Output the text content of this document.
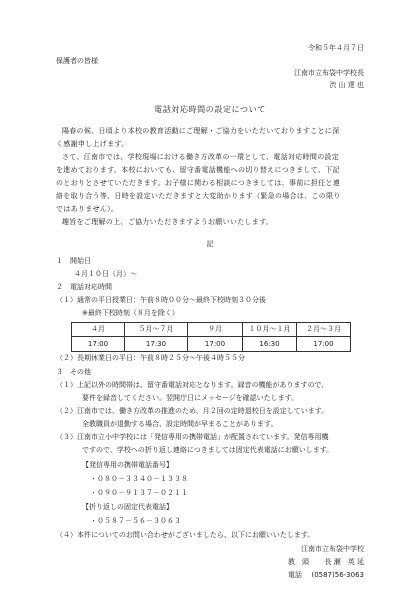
令和５年４月７日
保護者の皆様
江南市立布袋中学校長
渋 山 達 也
電話対応時間の設定について
陽春の候、日頃より本校の教育活動にご理解・ご協力をいただいておりますことに深
く感謝申し上げます。
さて、江南市では、学校現場における働き方改革の一環として、電話対応時間の設定
を進めております。本校においても、留守番電話機能への切り替えにつきまして、下記
のとおりとさせていただきます。お子様に関わる相談につきましては、事前に担任と連
絡を取り合う等、日時を設定いただきますと大変助かります（緊急の場合は、この限り
ではありません）。
趣旨をご理解の上、ご協力いただきますようお願いいたします。
記
１　開始日
４月１０日（月）～
２　電話対応時間
（１）通常の平日授業日：午前８時００分～最終下校時刻３０分後
※最終下校時刻（８月を除く）
４月	５月～７月	９月	１０月～１月	２月～３月
17:00	17:30	17:00	16:30	17:00
（２）長期休業日の平日：午前８時２５分～午後４時５５分
３　その他
（１）上記以外の時間帯は、留守番電話対応となります。録音の機能がありますので、
要件を録音してください。翌開庁日にメッセージを確認いたします。
（２）江南市では、働き方改革の推進のため、月２回の定時退校日を設定しています。
全教職員が退勤する場合、設定時間が早まることがあります。
（３）江南市立小中学校には「発信専用の携帯電話」が配置されています。発信専用機
ですので、学校への折り返し連絡につきましては固定代表電話にお願いします。
【発信専用の携帯電話番号】
・０８０－３３４０－１３３８
・０９０－９１３７－０２１１
【折り返しの固定代表電話】
・０５８７－５６－３０６３
（４）本件についてのお問い合わせがございましたら、以下にお願いいたします。
江南市立布袋中学校
教　頭 長 瀬　英 延
電話 (0587)56-3063
